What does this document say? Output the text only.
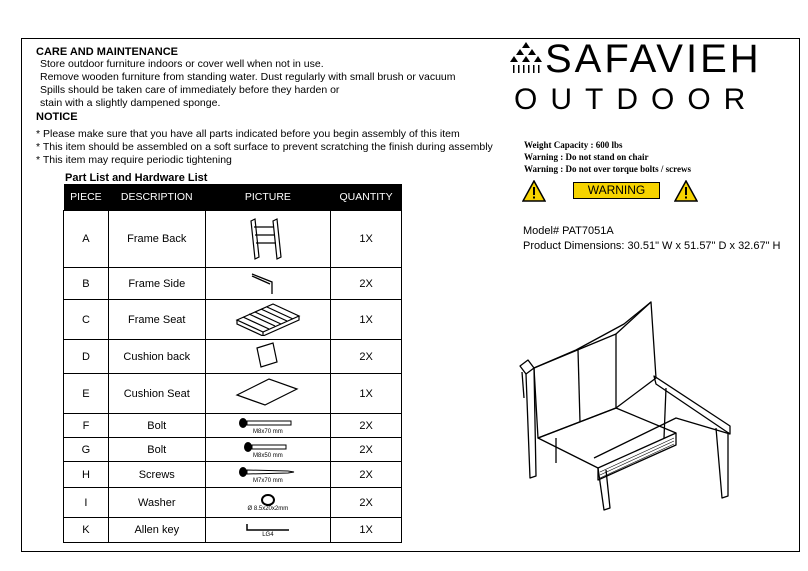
CARE AND MAINTENANCE
Store outdoor furniture indoors or cover well when not in use.
Remove wooden furniture from standing water. Dust regularly with small brush or vacuum
Spills should be taken care of immediately before they harden or
stain with a slightly dampened sponge.
NOTICE
* Please make sure that you have all parts indicated before you begin assembly of this item
* This item should be assembled on a soft surface to prevent scratching the finish during assembly
* This item may require periodic tightening
SAFAVIEH
OUTDOOR
Weight Capacity : 600 lbs
Warning : Do not stand on chair
Warning : Do not over torque bolts / screws
WARNING
Model# PAT7051A
Product Dimensions: 30.51" W x 51.57" D x 32.67" H
Part List and Hardware List
PIECE	DESCRIPTION	PICTURE	QUANTITY
A	Frame Back		1X
B	Frame Side		2X
C	Frame Seat		1X
D	Cushion back		2X
E	Cushion Seat		1X
F	Bolt	M8x70 mm	2X
G	Bolt	M8x50 mm	2X
H	Screws	M7x70 mm	2X
I	Washer	Ø 8.5x20x2mm	2X
K	Allen key	LG4	1X
